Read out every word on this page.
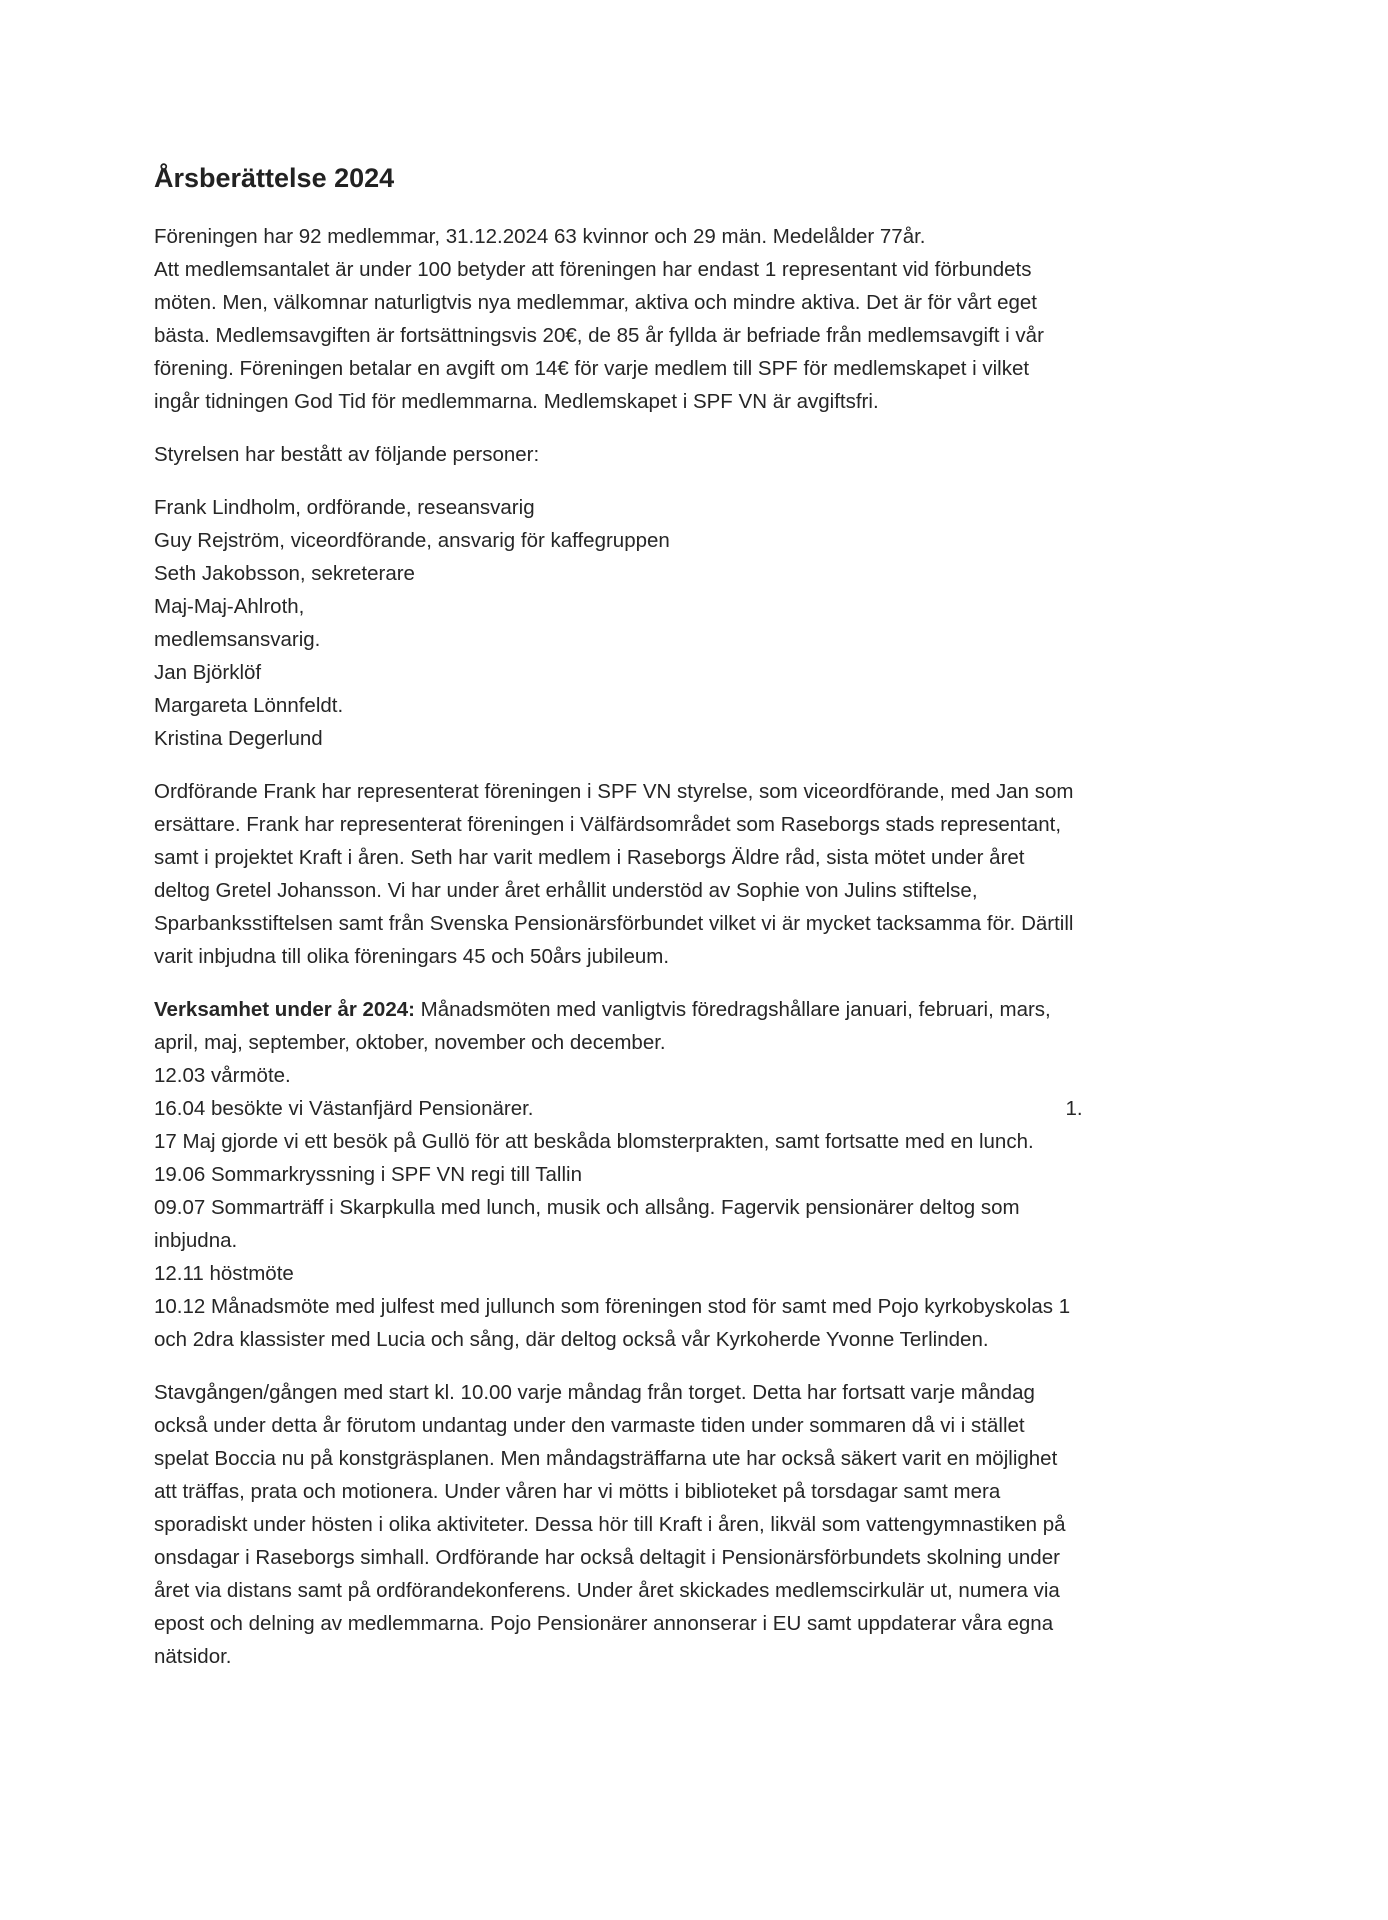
Årsberättelse 2024
Föreningen har 92 medlemmar, 31.12.2024 63 kvinnor och 29 män. Medelålder 77år.
Att medlemsantalet är under 100 betyder att föreningen har endast 1 representant vid förbundets
möten. Men, välkomnar naturligtvis nya medlemmar, aktiva och mindre aktiva. Det är för vårt eget
bästa. Medlemsavgiften är fortsättningsvis 20€, de 85 år fyllda är befriade från medlemsavgift i vår
förening. Föreningen betalar en avgift om 14€ för varje medlem till SPF för medlemskapet i vilket
ingår tidningen God Tid för medlemmarna. Medlemskapet i SPF VN är avgiftsfri.
Styrelsen har bestått av följande personer:
Frank Lindholm, ordförande, reseansvarig
Guy Rejström, viceordförande, ansvarig för kaffegruppen
Seth Jakobsson, sekreterare
Maj-Maj-Ahlroth,
medlemsansvarig.
Jan Björklöf
Margareta Lönnfeldt.
Kristina Degerlund
Ordförande Frank har representerat föreningen i SPF VN styrelse, som viceordförande, med Jan som
ersättare. Frank har representerat föreningen i Välfärdsområdet som Raseborgs stads representant,
samt i projektet Kraft i åren. Seth har varit medlem i Raseborgs Äldre råd, sista mötet under året
deltog Gretel Johansson. Vi har under året erhållit understöd av Sophie von Julins stiftelse,
Sparbanksstiftelsen samt från Svenska Pensionärsförbundet vilket vi är mycket tacksamma för. Därtill
varit inbjudna till olika föreningars 45 och 50års jubileum.
Verksamhet under år 2024: Månadsmöten med vanligtvis föredragshållare januari, februari, mars,
april, maj, september, oktober, november och december.
12.03 vårmöte.
16.04 besökte vi Västanfjärd Pensionärer.	1.
17 Maj gjorde vi ett besök på Gullö för att beskåda blomsterprakten, samt fortsatte med en lunch.
19.06 Sommarkryssning i SPF VN regi till Tallin
09.07 Sommarträff i Skarpkulla med lunch, musik och allsång. Fagervik pensionärer deltog som
inbjudna.
12.11 höstmöte
10.12 Månadsmöte med julfest med jullunch som föreningen stod för samt med Pojo kyrkobyskolas 1
och 2dra klassister med Lucia och sång, där deltog också vår Kyrkoherde Yvonne Terlinden.
Stavgången/gången med start kl. 10.00 varje måndag från torget. Detta har fortsatt varje måndag
också under detta år förutom undantag under den varmaste tiden under sommaren då vi i stället
spelat Boccia nu på konstgräsplanen. Men måndagsträffarna ute har också säkert varit en möjlighet
att träffas, prata och motionera. Under våren har vi mötts i biblioteket på torsdagar samt mera
sporadiskt under hösten i olika aktiviteter. Dessa hör till Kraft i åren, likväl som vattengymnastiken på
onsdagar i Raseborgs simhall. Ordförande har också deltagit i Pensionärsförbundets skolning under
året via distans samt på ordförandekonferens. Under året skickades medlemscirkulär ut, numera via
epost och delning av medlemmarna. Pojo Pensionärer annonserar i EU samt uppdaterar våra egna
nätsidor.
